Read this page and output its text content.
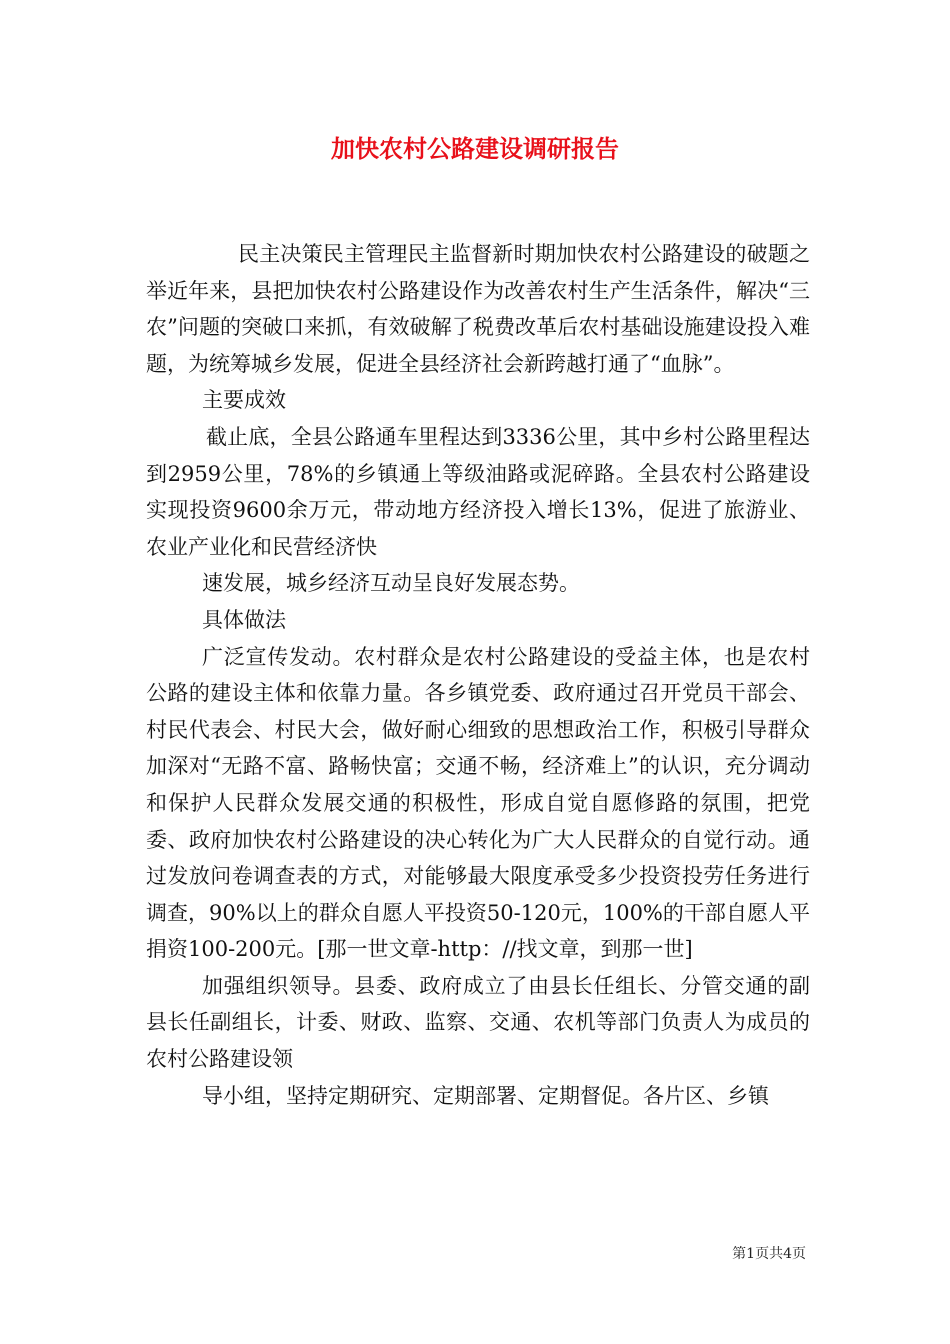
加快农村公路建设调研报告

民主决策民主管理民主监督新时期加快农村公路建设的破题之举近年来，县把加快农村公路建设作为改善农村生产生活条件，解决“三农”问题的突破口来抓，有效破解了税费改革后农村基础设施建设投入难题，为统筹城乡发展，促进全县经济社会新跨越打通了“血脉”。

主要成效

截止底，全县公路通车里程达到3336公里，其中乡村公路里程达到2959公里，78%的乡镇通上等级油路或泥碎路。全县农村公路建设实现投资9600余万元，带动地方经济投入增长13%，促进了旅游业、农业产业化和民营经济快

速发展，城乡经济互动呈良好发展态势。

具体做法

广泛宣传发动。农村群众是农村公路建设的受益主体，也是农村公路的建设主体和依靠力量。各乡镇党委、政府通过召开党员干部会、村民代表会、村民大会，做好耐心细致的思想政治工作，积极引导群众加深对“无路不富、路畅快富；交通不畅，经济难上”的认识，充分调动和保护人民群众发展交通的积极性，形成自觉自愿修路的氛围，把党委、政府加快农村公路建设的决心转化为广大人民群众的自觉行动。通过发放问卷调查表的方式，对能够最大限度承受多少投资投劳任务进行调查，90%以上的群众自愿人平投资50-120元，100%的干部自愿人平捐资100-200元。[那一世文章-http：//找文章，到那一世]

加强组织领导。县委、政府成立了由县长任组长、分管交通的副县长任副组长，计委、财政、监察、交通、农机等部门负责人为成员的农村公路建设领

导小组，坚持定期研究、定期部署、定期督促。各片区、乡镇

第1页共4页
